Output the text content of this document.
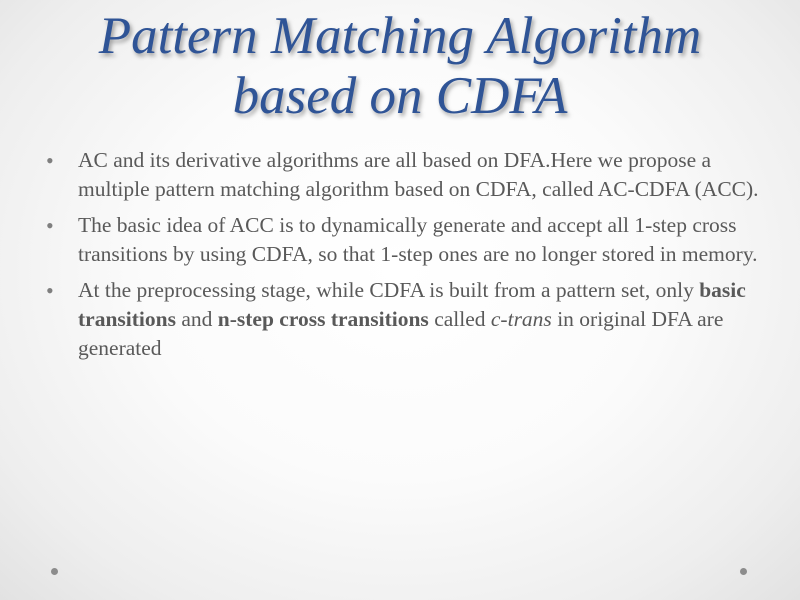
Pattern Matching Algorithm
based on CDFA
• AC and its derivative algorithms are all based on DFA.Here we propose a multiple pattern matching algorithm based on CDFA, called AC-CDFA (ACC).
• The basic idea of ACC is to dynamically generate and accept all 1-step cross transitions by using CDFA, so that 1-step ones are no longer stored in memory.
• At the preprocessing stage, while CDFA is built from a pattern set, only basic transitions and n-step cross transitions called c-trans in original DFA are generated
